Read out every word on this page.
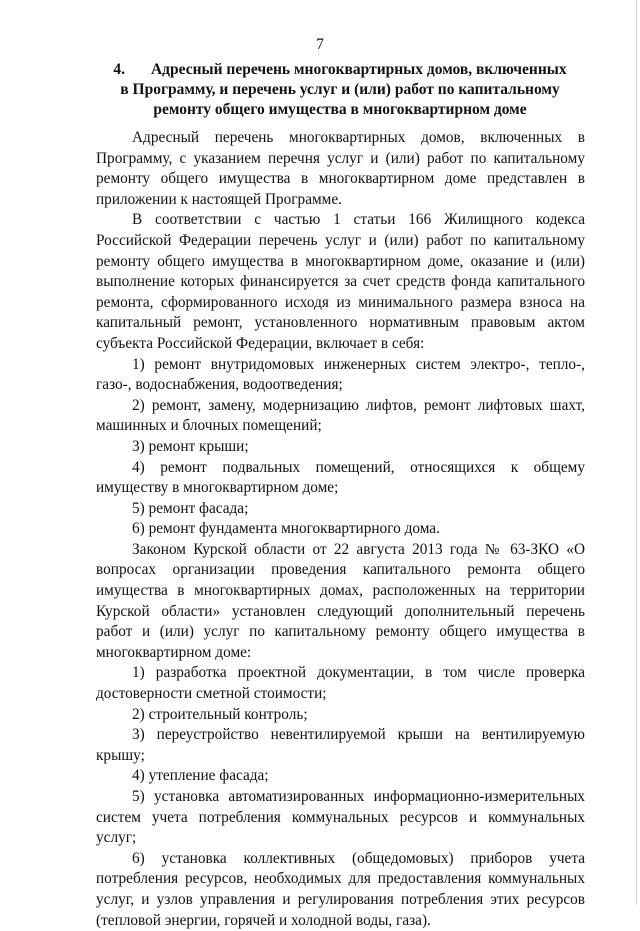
7
4. Адресный перечень многоквартирных домов, включенных
в Программу, и перечень услуг и (или) работ по капитальному
ремонту общего имущества в многоквартирном доме

Адресный перечень многоквартирных домов, включенных в Программу, с указанием перечня услуг и (или) работ по капитальному ремонту общего имущества в многоквартирном доме представлен в приложении к настоящей Программе.

В соответствии с частью 1 статьи 166 Жилищного кодекса Российской Федерации перечень услуг и (или) работ по капитальному ремонту общего имущества в многоквартирном доме, оказание и (или) выполнение которых финансируется за счет средств фонда капитального ремонта, сформированного исходя из минимального размера взноса на капитальный ремонт, установленного нормативным правовым актом субъекта Российской Федерации, включает в себя:

1) ремонт внутридомовых инженерных систем электро-, тепло-, газо-, водоснабжения, водоотведения;

2) ремонт, замену, модернизацию лифтов, ремонт лифтовых шахт, машинных и блочных помещений;

3) ремонт крыши;

4) ремонт подвальных помещений, относящихся к общему имуществу в многоквартирном доме;

5) ремонт фасада;

6) ремонт фундамента многоквартирного дома.

Законом Курской области от 22 августа 2013 года № 63-ЗКО «О вопросах организации проведения капитального ремонта общего имущества в многоквартирных домах, расположенных на территории Курской области» установлен следующий дополнительный перечень работ и (или) услуг по капитальному ремонту общего имущества в многоквартирном доме:

1) разработка проектной документации, в том числе проверка достоверности сметной стоимости;

2) строительный контроль;

3) переустройство невентилируемой крыши на вентилируемую крышу;

4) утепление фасада;

5) установка автоматизированных информационно-измерительных систем учета потребления коммунальных ресурсов и коммунальных услуг;

6) установка коллективных (общедомовых) приборов учета потребления ресурсов, необходимых для предоставления коммунальных услуг, и узлов управления и регулирования потребления этих ресурсов (тепловой энергии, горячей и холодной воды, газа).
